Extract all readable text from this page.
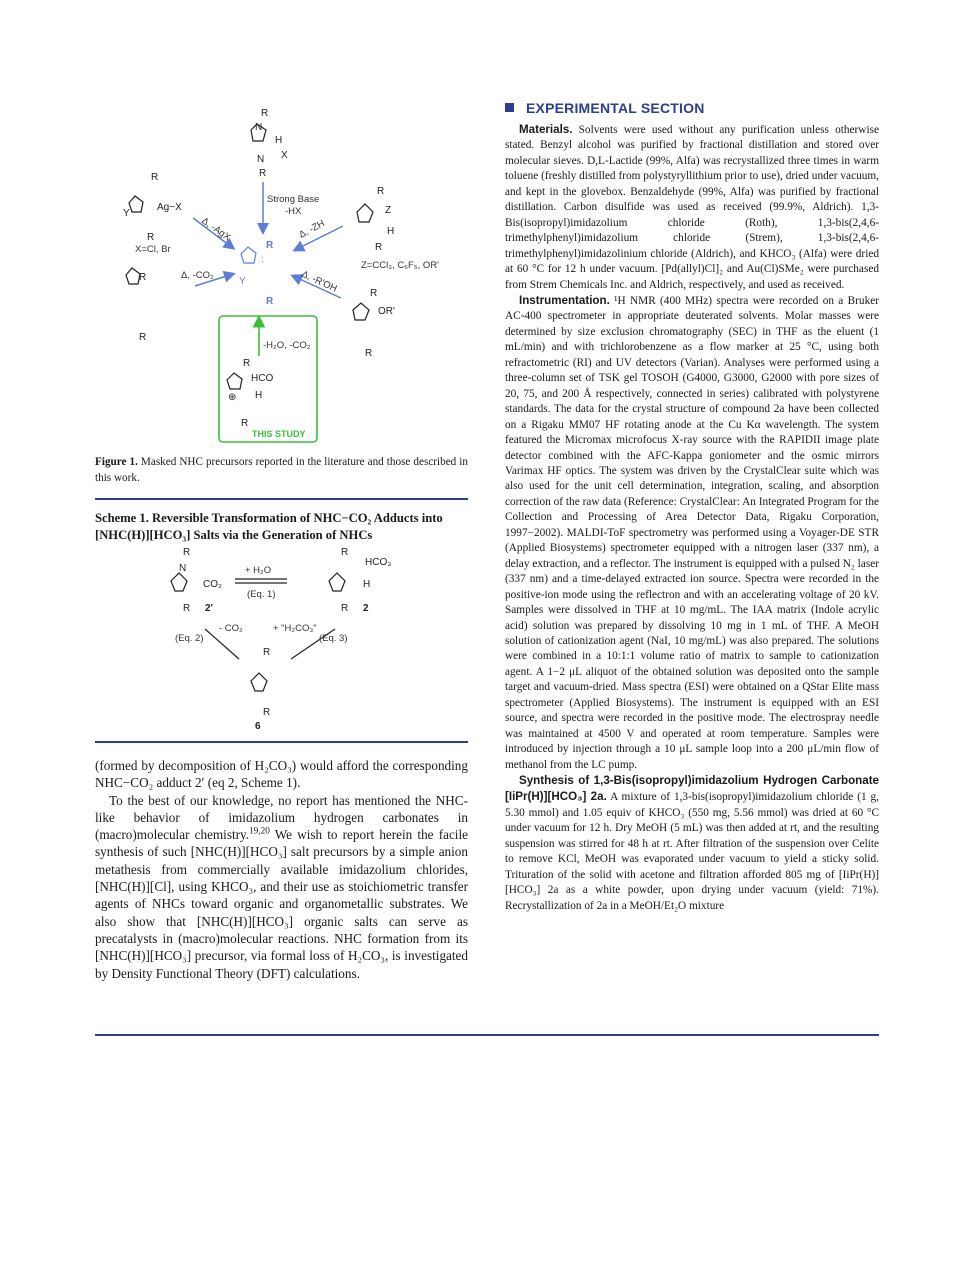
R
N
H
X
N
R
R
Ag−X
Y
R
R
Z
H
R
R
:
Y
R
R
R
R
OR'
R
R
HCO
⊕ H
R
Strong Base
-HX
X=Cl, Br
Δ, -AgX	Δ, -ZH
Z=CCl₃, C₆F₅, OR'
Δ, -CO₂	Δ, -R'OH
-H₂O, -CO₂
THIS STUDY
Figure 1. Masked NHC precursors reported in the literature and those described in this work.
Scheme 1. Reversible Transformation of NHC−CO₂ Adducts into [NHC(H)][HCO₃] Salts via the Generation of NHCs
R
N
CO₂
R 2'
R
HCO₃
H
R 2
R
R
6
+ H₂O
(Eq. 1)
- CO₂	+ "H₂CO₃"
(Eq. 2)	(Eq. 3)

(formed by decomposition of H₂CO₃) would afford the corresponding NHC−CO₂ adduct 2′ (eq 2, Scheme 1).

To the best of our knowledge, no report has mentioned the NHC-like behavior of imidazolium hydrogen carbonates in (macro)molecular chemistry.$^{19,20}$ We wish to report herein the facile synthesis of such [NHC(H)][HCO₃] salt precursors by a simple anion metathesis from commercially available imidazolium chlorides, [NHC(H)][Cl], using KHCO₃, and their use as stoichiometric transfer agents of NHCs toward organic and organometallic substrates. We also show that [NHC(H)][HCO₃] organic salts can serve as precatalysts in (macro)molecular reactions. NHC formation from its [NHC(H)][HCO₃] precursor, via formal loss of H₂CO₃, is investigated by Density Functional Theory (DFT) calculations.

EXPERIMENTAL SECTION

Materials. Solvents were used without any purification unless otherwise stated. Benzyl alcohol was purified by fractional distillation and stored over molecular sieves. D,L-Lactide (99%, Alfa) was recrystallized three times in warm toluene (freshly distilled from polystyryllithium prior to use), dried under vacuum, and kept in the glovebox. Benzaldehyde (99%, Alfa) was purified by fractional distillation. Carbon disulfide was used as received (99.9%, Aldrich). 1,3-Bis(isopropyl)imidazolium chloride (Roth), 1,3-bis(2,4,6-trimethylphenyl)imidazolium chloride (Strem), 1,3-bis(2,4,6-trimethylphenyl)imidazolinium chloride (Aldrich), and KHCO₃ (Alfa) were dried at 60 °C for 12 h under vacuum. [Pd(allyl)Cl]₂ and Au(Cl)SMe₂ were purchased from Strem Chemicals Inc. and Aldrich, respectively, and used as received.

Instrumentation. ¹H NMR (400 MHz) spectra were recorded on a Bruker AC-400 spectrometer in appropriate deuterated solvents. Molar masses were determined by size exclusion chromatography (SEC) in THF as the eluent (1 mL/min) and with trichlorobenzene as a flow marker at 25 °C, using both refractometric (RI) and UV detectors (Varian). Analyses were performed using a three-column set of TSK gel TOSOH (G4000, G3000, G2000 with pore sizes of 20, 75, and 200 Å respectively, connected in series) calibrated with polystyrene standards. The data for the crystal structure of compound 2a have been collected on a Rigaku MM07 HF rotating anode at the Cu Kα wavelength. The system featured the Micromax microfocus X-ray source with the RAPIDII image plate detector combined with the AFC-Kappa goniometer and the osmic mirrors Varimax HF optics. The system was driven by the CrystalClear suite which was also used for the unit cell determination, integration, scaling, and absorption correction of the raw data (Reference: CrystalClear: An Integrated Program for the Collection and Processing of Area Detector Data, Rigaku Corporation, 1997−2002). MALDI-ToF spectrometry was performed using a Voyager-DE STR (Applied Biosystems) spectrometer equipped with a nitrogen laser (337 nm), a delay extraction, and a reflector. The instrument is equipped with a pulsed N₂ laser (337 nm) and a time-delayed extracted ion source. Spectra were recorded in the positive-ion mode using the reflectron and with an accelerating voltage of 20 kV. Samples were dissolved in THF at 10 mg/mL. The IAA matrix (Indole acrylic acid) solution was prepared by dissolving 10 mg in 1 mL of THF. A MeOH solution of cationization agent (NaI, 10 mg/mL) was also prepared. The solutions were combined in a 10:1:1 volume ratio of matrix to sample to cationization agent. A 1−2 μL aliquot of the obtained solution was deposited onto the sample target and vacuum-dried. Mass spectra (ESI) were obtained on a QStar Elite mass spectrometer (Applied Biosystems). The instrument is equipped with an ESI source, and spectra were recorded in the positive mode. The electrospray needle was maintained at 4500 V and operated at room temperature. Samples were introduced by injection through a 10 μL sample loop into a 200 μL/min flow of methanol from the LC pump.

Synthesis of 1,3-Bis(isopropyl)imidazolium Hydrogen Carbonate [IiPr(H)][HCO₃] 2a. A mixture of 1,3-bis(isopropyl)imidazolium chloride (1 g, 5.30 mmol) and 1.05 equiv of KHCO₃ (550 mg, 5.56 mmol) was dried at 60 °C under vacuum for 12 h. Dry MeOH (5 mL) was then added at rt, and the resulting suspension was stirred for 48 h at rt. After filtration of the suspension over Celite to remove KCl, MeOH was evaporated under vacuum to yield a sticky solid. Trituration of the solid with acetone and filtration afforded 805 mg of [IiPr(H)][HCO₃] 2a as a white powder, upon drying under vacuum (yield: 71%). Recrystallization of 2a in a MeOH/Et₂O mixture
